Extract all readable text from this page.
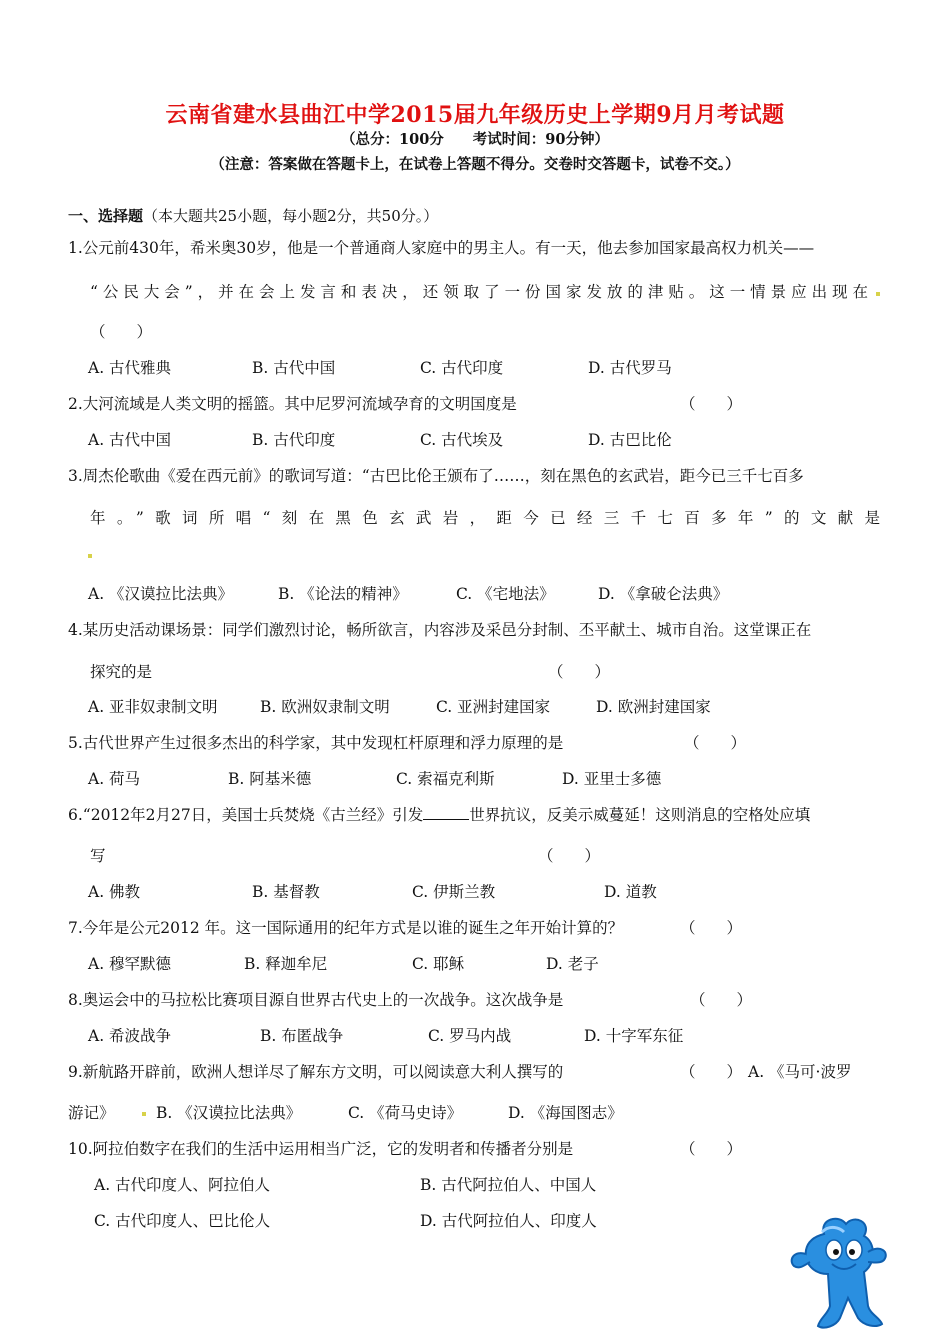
云南省建水县曲江中学2015届九年级历史上学期9月月考试题
（总分：100分　　考试时间：90分钟）
（注意：答案做在答题卡上，在试卷上答题不得分。交卷时交答题卡，试卷不交。）
一、选择题（本大题共25小题，每小题2分，共50分。）
1.公元前430年，希米奥30岁，他是一个普通商人家庭中的男主人。有一天，他去参加国家最高权力机关——
“公民大会”，并在会上发言和表决，还领取了一份国家发放的津贴。这一情景应出现在
（　　）
A. 古代雅典	B. 古代中国	C. 古代印度	D. 古代罗马
2.大河流域是人类文明的摇篮。其中尼罗河流域孕育的文明国度是	（　　）
A. 古代中国	B. 古代印度	C. 古代埃及	D. 古巴比伦
3.周杰伦歌曲《爱在西元前》的歌词写道：“古巴比伦王颁布了……，刻在黑色的玄武岩，距今已三千七百多
年。”歌词所唱“刻在黑色玄武岩，距今已经三千七百多年”的文献是
A. 《汉谟拉比法典》	B. 《论法的精神》	C. 《宅地法》	D. 《拿破仑法典》
4.某历史活动课场景：同学们激烈讨论，畅所欲言，内容涉及采邑分封制、丕平献土、城市自治。这堂课正在
探究的是	（　　）
A. 亚非奴隶制文明	B. 欧洲奴隶制文明	C. 亚洲封建国家	D. 欧洲封建国家
5.古代世界产生过很多杰出的科学家，其中发现杠杆原理和浮力原理的是	（　　）
A. 荷马	B. 阿基米德	C. 索福克利斯	D. 亚里士多德
6.“2012年2月27日，美国士兵焚烧《古兰经》引发	世界抗议，反美示威蔓延！这则消息的空格处应填
写	（　　）
A. 佛教	B. 基督教	C. 伊斯兰教	D. 道教
7.今年是公元2012 年。这一国际通用的纪年方式是以谁的诞生之年开始计算的？	（　　）
A. 穆罕默德	B. 释迦牟尼	C. 耶稣	D. 老子
8.奥运会中的马拉松比赛项目源自世界古代史上的一次战争。这次战争是	（　　）
A. 希波战争	B. 布匿战争	C. 罗马内战	D. 十字军东征
9.新航路开辟前，欧洲人想详尽了解东方文明，可以阅读意大利人撰写的	（　　） A. 《马可·波罗
游记》	B. 《汉谟拉比法典》	C. 《荷马史诗》	D. 《海国图志》
10.阿拉伯数字在我们的生活中运用相当广泛，它的发明者和传播者分别是	（　　）
A. 古代印度人、阿拉伯人	B. 古代阿拉伯人、中国人
C. 古代印度人、巴比伦人	D. 古代阿拉伯人、印度人
